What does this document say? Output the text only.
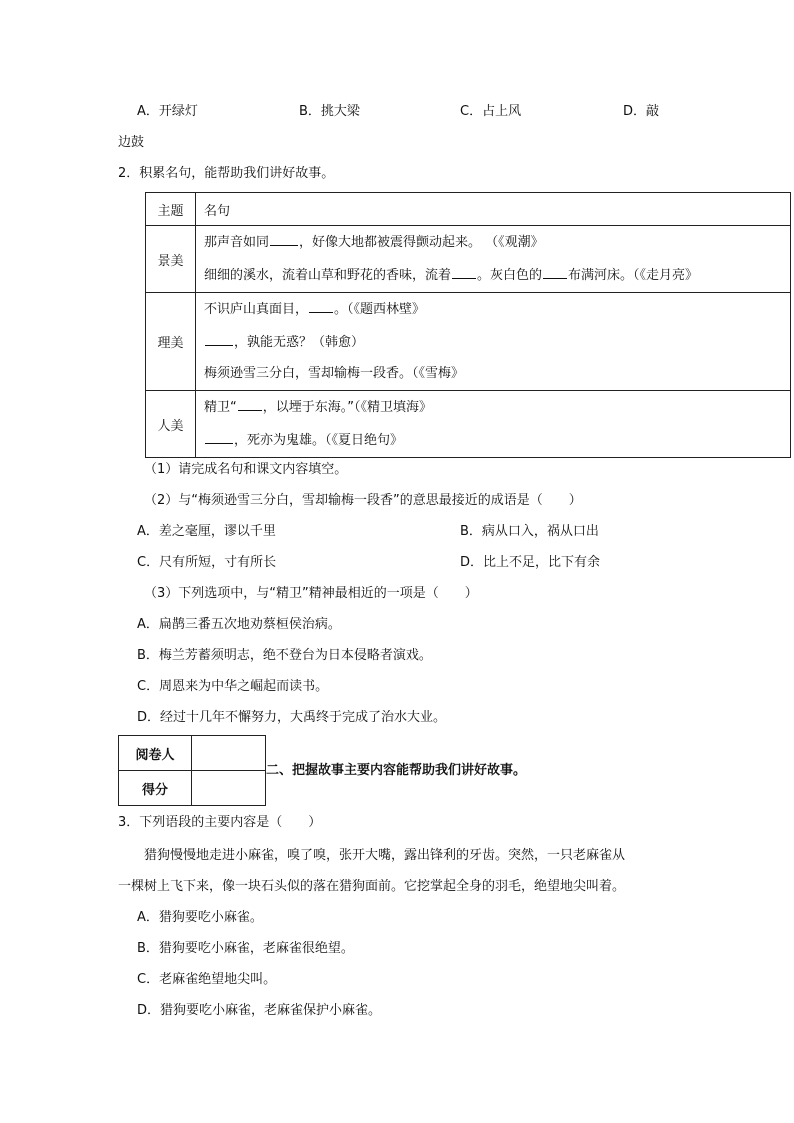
A．开绿灯	B．挑大梁	C．占上风	D．敲
边鼓
2．积累名句，能帮助我们讲好故事。
主题	名句
景美	那声音如同 ，好像大地都被震得颤动起来。 （《观潮》
细细的溪水，流着山草和野花的香味，流着 。灰白色的 布满河床。（《走月亮》

理美	不识庐山真面目， 。（《题西林壁》
，孰能无惑？（韩愈）
梅须逊雪三分白，雪却输梅一段香。（《雪梅》

人美	精卫“ ，以堙于东海。”（《精卫填海》
，死亦为鬼雄。（《夏日绝句》
（1）请完成名句和课文内容填空。
（2）与“梅须逊雪三分白，雪却输梅一段香”的意思最接近的成语是（　　）
A．差之毫厘，谬以千里	B．病从口入，祸从口出
C．尺有所短，寸有所长	D．比上不足，比下有余
（3）下列选项中，与“精卫”精神最相近的一项是（　　）
A．扁鹊三番五次地劝蔡桓侯治病。
B．梅兰芳蓄须明志，绝不登台为日本侵略者演戏。
C．周恩来为中华之崛起而读书。
D．经过十几年不懈努力，大禹终于完成了治水大业。
阅卷人	
得分	
二、把握故事主要内容能帮助我们讲好故事。
3．下列语段的主要内容是（　　）
猎狗慢慢地走进小麻雀，嗅了嗅，张开大嘴，露出锋利的牙齿。突然，一只老麻雀从
一棵树上飞下来，像一块石头似的落在猎狗面前。它挖掌起全身的羽毛，绝望地尖叫着。
A．猎狗要吃小麻雀。
B．猎狗要吃小麻雀，老麻雀很绝望。
C．老麻雀绝望地尖叫。
D．猎狗要吃小麻雀，老麻雀保护小麻雀。
